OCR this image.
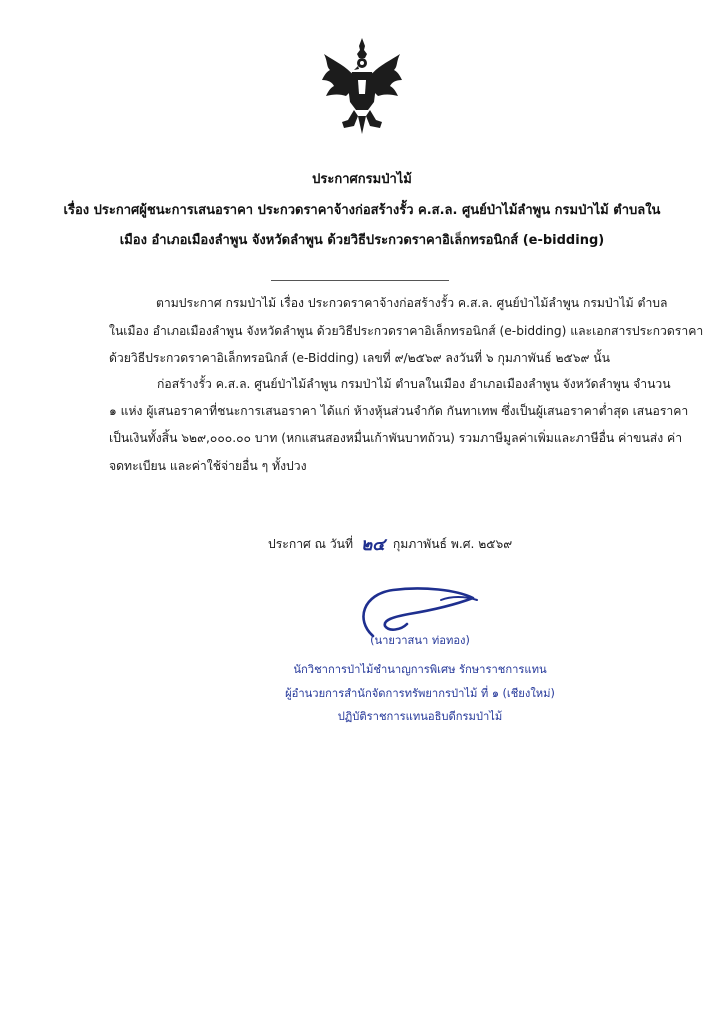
ประกาศกรมป่าไม้
เรื่อง ประกาศผู้ชนะการเสนอราคา ประกวดราคาจ้างก่อสร้างรั้ว ค.ส.ล. ศูนย์ป่าไม้ลำพูน กรมป่าไม้ ตำบลใน
เมือง อำเภอเมืองลำพูน จังหวัดลำพูน ด้วยวิธีประกวดราคาอิเล็กทรอนิกส์ (e-bidding)
ตามประกาศ กรมป่าไม้ เรื่อง ประกวดราคาจ้างก่อสร้างรั้ว ค.ส.ล. ศูนย์ป่าไม้ลำพูน กรมป่าไม้ ตำบล
ในเมือง อำเภอเมืองลำพูน จังหวัดลำพูน ด้วยวิธีประกวดราคาอิเล็กทรอนิกส์ (e-bidding) และเอกสารประกวดราคา
ด้วยวิธีประกวดราคาอิเล็กทรอนิกส์ (e-Bidding) เลขที่ ๙/๒๕๖๙ ลงวันที่ ๖ กุมภาพันธ์ ๒๕๖๙ นั้น
ก่อสร้างรั้ว ค.ส.ล. ศูนย์ป่าไม้ลำพูน กรมป่าไม้ ตำบลในเมือง อำเภอเมืองลำพูน จังหวัดลำพูน จำนวน
๑ แห่ง ผู้เสนอราคาที่ชนะการเสนอราคา ได้แก่ ห้างหุ้นส่วนจำกัด กันทาเทพ ซึ่งเป็นผู้เสนอราคาต่ำสุด เสนอราคา
เป็นเงินทั้งสิ้น ๖๒๙,๐๐๐.๐๐ บาท (หกแสนสองหมื่นเก้าพันบาทถ้วน) รวมภาษีมูลค่าเพิ่มและภาษีอื่น ค่าขนส่ง ค่า
จดทะเบียน และค่าใช้จ่ายอื่น ๆ ทั้งปวง
ประกาศ ณ วันที่ ๒๔ กุมภาพันธ์ พ.ศ. ๒๕๖๙
(นายวาสนา ท่อทอง)
นักวิชาการป่าไม้ชำนาญการพิเศษ รักษาราชการแทน
ผู้อำนวยการสำนักจัดการทรัพยากรป่าไม้ ที่ ๑ (เชียงใหม่)
ปฏิบัติราชการแทนอธิบดีกรมป่าไม้
